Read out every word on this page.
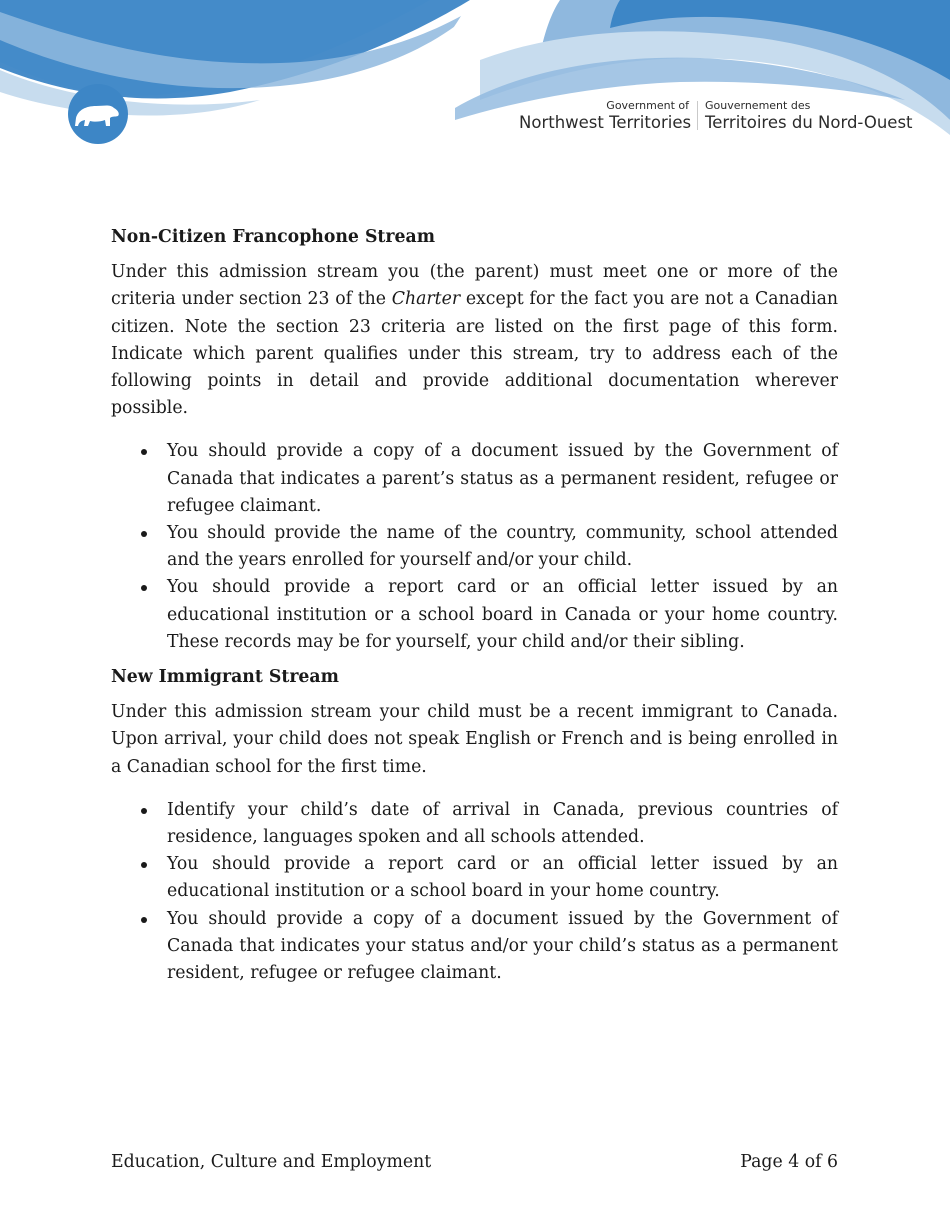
Government of
Northwest Territories
Gouvernement des
Territoires du Nord-Ouest
Non-Citizen Francophone Stream

Under this admission stream you (the parent) must meet one or more of the criteria under section 23 of the Charter except for the fact you are not a Canadian citizen. Note the section 23 criteria are listed on the first page of this form. Indicate which parent qualifies under this stream, try to address each of the following points in detail and provide additional documentation wherever possible.

You should provide a copy of a document issued by the Government of Canada that indicates a parent’s status as a permanent resident, refugee or refugee claimant.
You should provide the name of the country, community, school attended and the years enrolled for yourself and/or your child.
You should provide a report card or an official letter issued by an educational institution or a school board in Canada or your home country. These records may be for yourself, your child and/or their sibling.
New Immigrant Stream

Under this admission stream your child must be a recent immigrant to Canada. Upon arrival, your child does not speak English or French and is being enrolled in a Canadian school for the first time.

Identify your child’s date of arrival in Canada, previous countries of residence, languages spoken and all schools attended.
You should provide a report card or an official letter issued by an educational institution or a school board in your home country.
You should provide a copy of a document issued by the Government of Canada that indicates your status and/or your child’s status as a permanent resident, refugee or refugee claimant.
Education, Culture and Employment	Page 4 of 6
